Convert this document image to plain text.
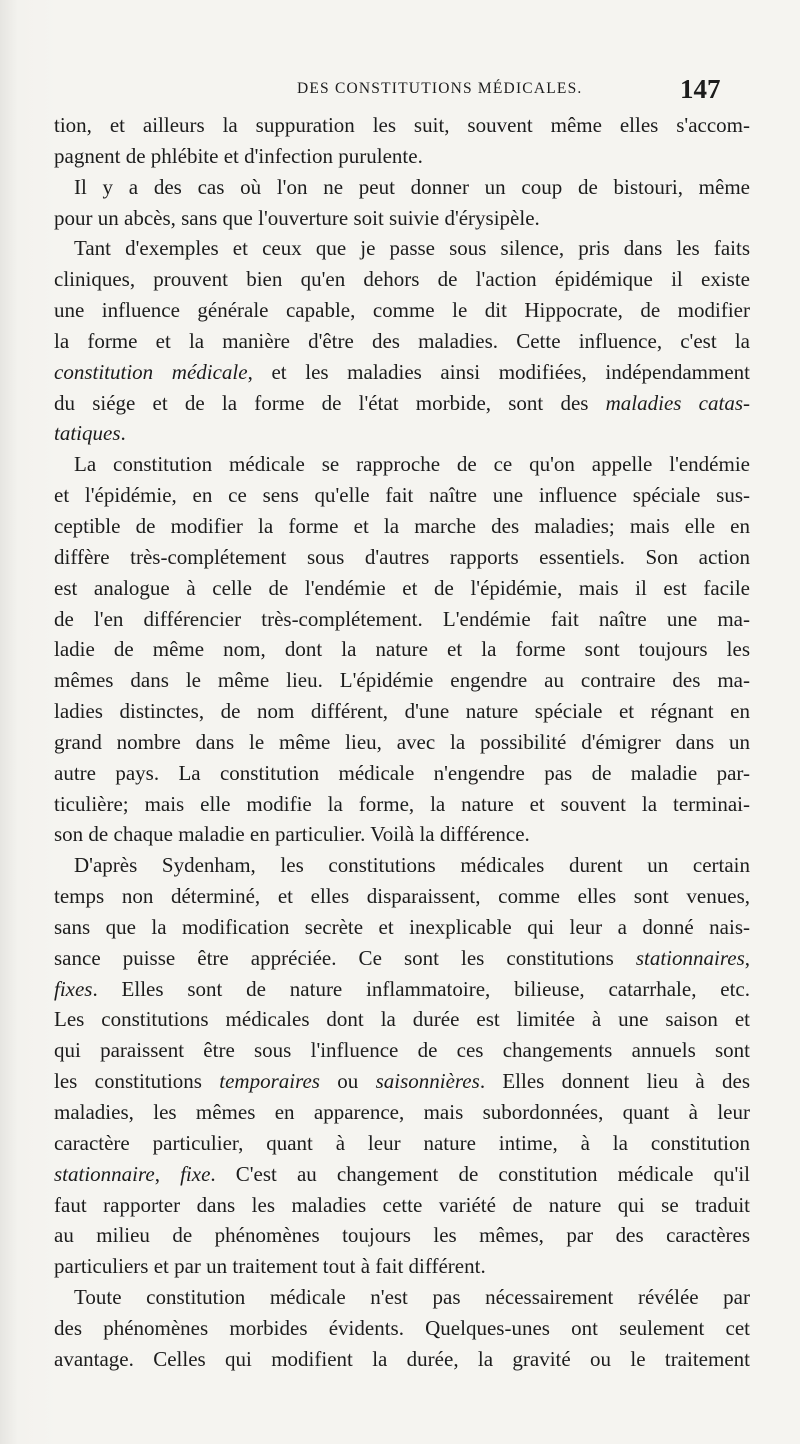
DES CONSTITUTIONS MÉDICALES.	147
tion, et ailleurs la suppuration les suit, souvent même elles s'accom-
pagnent de phlébite et d'infection purulente.
Il y a des cas où l'on ne peut donner un coup de bistouri, même
pour un abcès, sans que l'ouverture soit suivie d'érysipèle.
Tant d'exemples et ceux que je passe sous silence, pris dans les faits
cliniques, prouvent bien qu'en dehors de l'action épidémique il existe
une influence générale capable, comme le dit Hippocrate, de modifier
la forme et la manière d'être des maladies. Cette influence, c'est la
constitution médicale, et les maladies ainsi modifiées, indépendamment
du siége et de la forme de l'état morbide, sont des maladies catas-
tatiques.
La constitution médicale se rapproche de ce qu'on appelle l'endémie
et l'épidémie, en ce sens qu'elle fait naître une influence spéciale sus-
ceptible de modifier la forme et la marche des maladies; mais elle en
diffère très-complétement sous d'autres rapports essentiels. Son action
est analogue à celle de l'endémie et de l'épidémie, mais il est facile
de l'en différencier très-complétement. L'endémie fait naître une ma-
ladie de même nom, dont la nature et la forme sont toujours les
mêmes dans le même lieu. L'épidémie engendre au contraire des ma-
ladies distinctes, de nom différent, d'une nature spéciale et régnant en
grand nombre dans le même lieu, avec la possibilité d'émigrer dans un
autre pays. La constitution médicale n'engendre pas de maladie par-
ticulière; mais elle modifie la forme, la nature et souvent la terminai-
son de chaque maladie en particulier. Voilà la différence.
D'après Sydenham, les constitutions médicales durent un certain
temps non déterminé, et elles disparaissent, comme elles sont venues,
sans que la modification secrète et inexplicable qui leur a donné nais-
sance puisse être appréciée. Ce sont les constitutions stationnaires,
fixes. Elles sont de nature inflammatoire, bilieuse, catarrhale, etc.
Les constitutions médicales dont la durée est limitée à une saison et
qui paraissent être sous l'influence de ces changements annuels sont
les constitutions temporaires ou saisonnières. Elles donnent lieu à des
maladies, les mêmes en apparence, mais subordonnées, quant à leur
caractère particulier, quant à leur nature intime, à la constitution
stationnaire, fixe. C'est au changement de constitution médicale qu'il
faut rapporter dans les maladies cette variété de nature qui se traduit
au milieu de phénomènes toujours les mêmes, par des caractères
particuliers et par un traitement tout à fait différent.
Toute constitution médicale n'est pas nécessairement révélée par
des phénomènes morbides évidents. Quelques-unes ont seulement cet
avantage. Celles qui modifient la durée, la gravité ou le traitement
